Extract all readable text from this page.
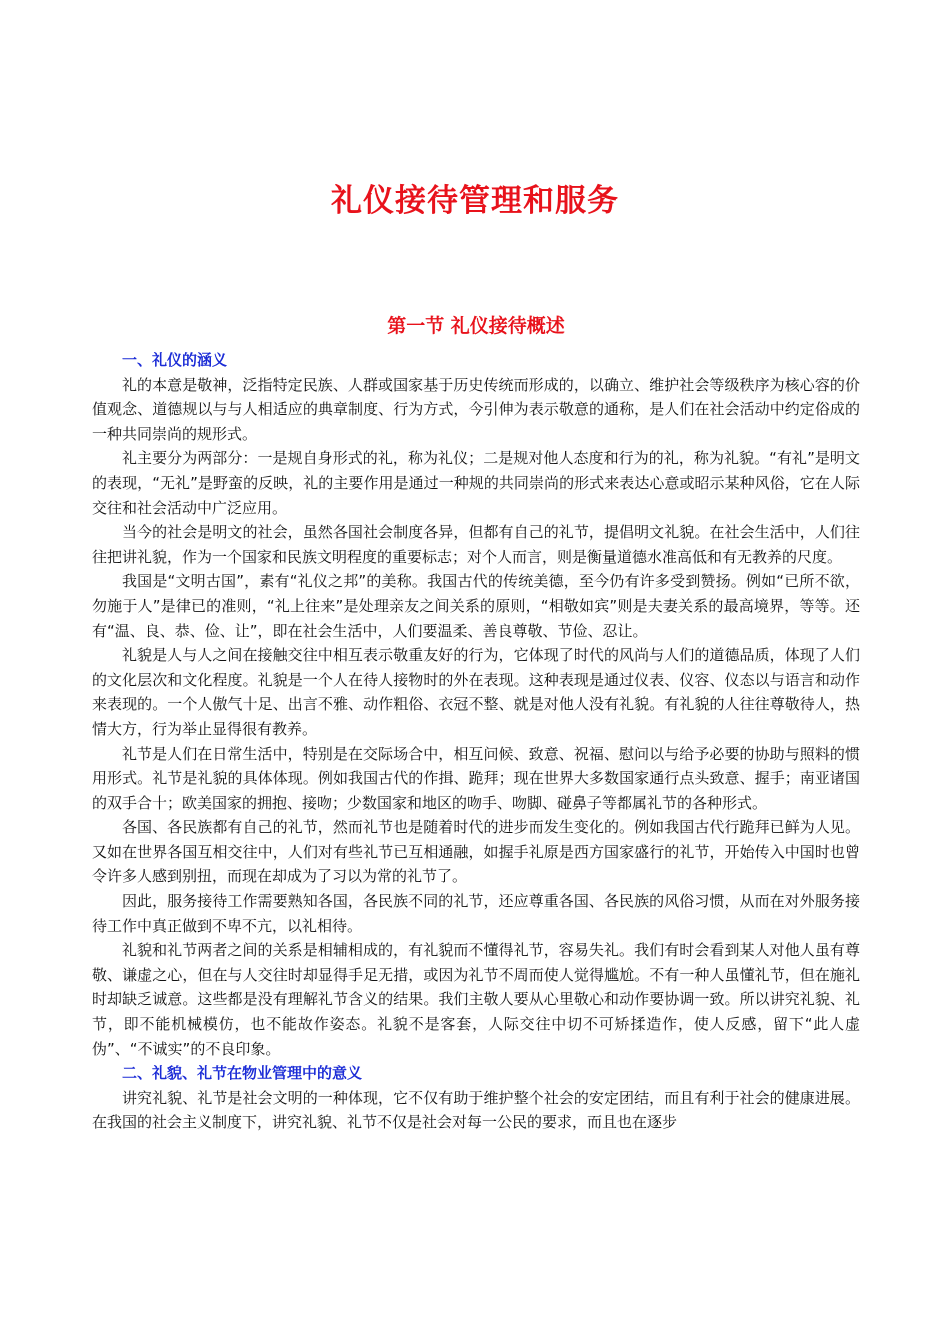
礼仪接待管理和服务
第一节 礼仪接待概述
一、礼仪的涵义

礼的本意是敬神，泛指特定民族、人群或国家基于历史传统而形成的，以确立、维护社会等级秩序为核心容的价值观念、道德规以与与人相适应的典章制度、行为方式，今引伸为表示敬意的通称，是人们在社会活动中约定俗成的一种共同崇尚的规形式。

礼主要分为两部分：一是规自身形式的礼，称为礼仪；二是规对他人态度和行为的礼，称为礼貌。“有礼”是明文的表现，“无礼”是野蛮的反映，礼的主要作用是通过一种规的共同崇尚的形式来表达心意或昭示某种风俗，它在人际交往和社会活动中广泛应用。

当今的社会是明文的社会，虽然各国社会制度各异，但都有自己的礼节，提倡明文礼貌。在社会生活中，人们往往把讲礼貌，作为一个国家和民族文明程度的重要标志；对个人而言，则是衡量道德水准高低和有无教养的尺度。

我国是“文明古国”，素有“礼仪之邦”的美称。我国古代的传统美德，至今仍有许多受到赞扬。例如“已所不欲，勿施于人”是律已的准则，“礼上往来”是处理亲友之间关系的原则，“相敬如宾”则是夫妻关系的最高境界，等等。还有“温、良、恭、俭、让”，即在社会生活中，人们要温柔、善良尊敬、节俭、忍让。

礼貌是人与人之间在接触交往中相互表示敬重友好的行为，它体现了时代的风尚与人们的道德品质，体现了人们的文化层次和文化程度。礼貌是一个人在待人接物时的外在表现。这种表现是通过仪表、仪容、仪态以与语言和动作来表现的。一个人傲气十足、出言不雅、动作粗俗、衣冠不整、就是对他人没有礼貌。有礼貌的人往往尊敬待人，热情大方，行为举止显得很有教养。

礼节是人们在日常生活中，特别是在交际场合中，相互问候、致意、祝福、慰问以与给予必要的协助与照料的惯用形式。礼节是礼貌的具体体现。例如我国古代的作揖、跪拜；现在世界大多数国家通行点头致意、握手；南亚诸国的双手合十；欧美国家的拥抱、接吻；少数国家和地区的吻手、吻脚、碰鼻子等都属礼节的各种形式。

各国、各民族都有自己的礼节，然而礼节也是随着时代的进步而发生变化的。例如我国古代行跪拜已鲜为人见。又如在世界各国互相交往中，人们对有些礼节已互相通融，如握手礼原是西方国家盛行的礼节，开始传入中国时也曾令许多人感到别扭，而现在却成为了习以为常的礼节了。

因此，服务接待工作需要熟知各国，各民族不同的礼节，还应尊重各国、各民族的风俗习惯，从而在对外服务接待工作中真正做到不卑不亢，以礼相待。

礼貌和礼节两者之间的关系是相辅相成的，有礼貌而不懂得礼节，容易失礼。我们有时会看到某人对他人虽有尊敬、谦虚之心，但在与人交往时却显得手足无措，或因为礼节不周而使人觉得尴尬。不有一种人虽懂礼节，但在施礼时却缺乏诚意。这些都是没有理解礼节含义的结果。我们主敬人要从心里敬心和动作要协调一致。所以讲究礼貌、礼节，即不能机械模仿，也不能故作姿态。礼貌不是客套，人际交往中切不可矫揉造作，使人反感，留下“此人虚伪”、“不诚实”的不良印象。

二、礼貌、礼节在物业管理中的意义

讲究礼貌、礼节是社会文明的一种体现，它不仅有助于维护整个社会的安定团结，而且有利于社会的健康进展。在我国的社会主义制度下，讲究礼貌、礼节不仅是社会对每一公民的要求，而且也在逐步
